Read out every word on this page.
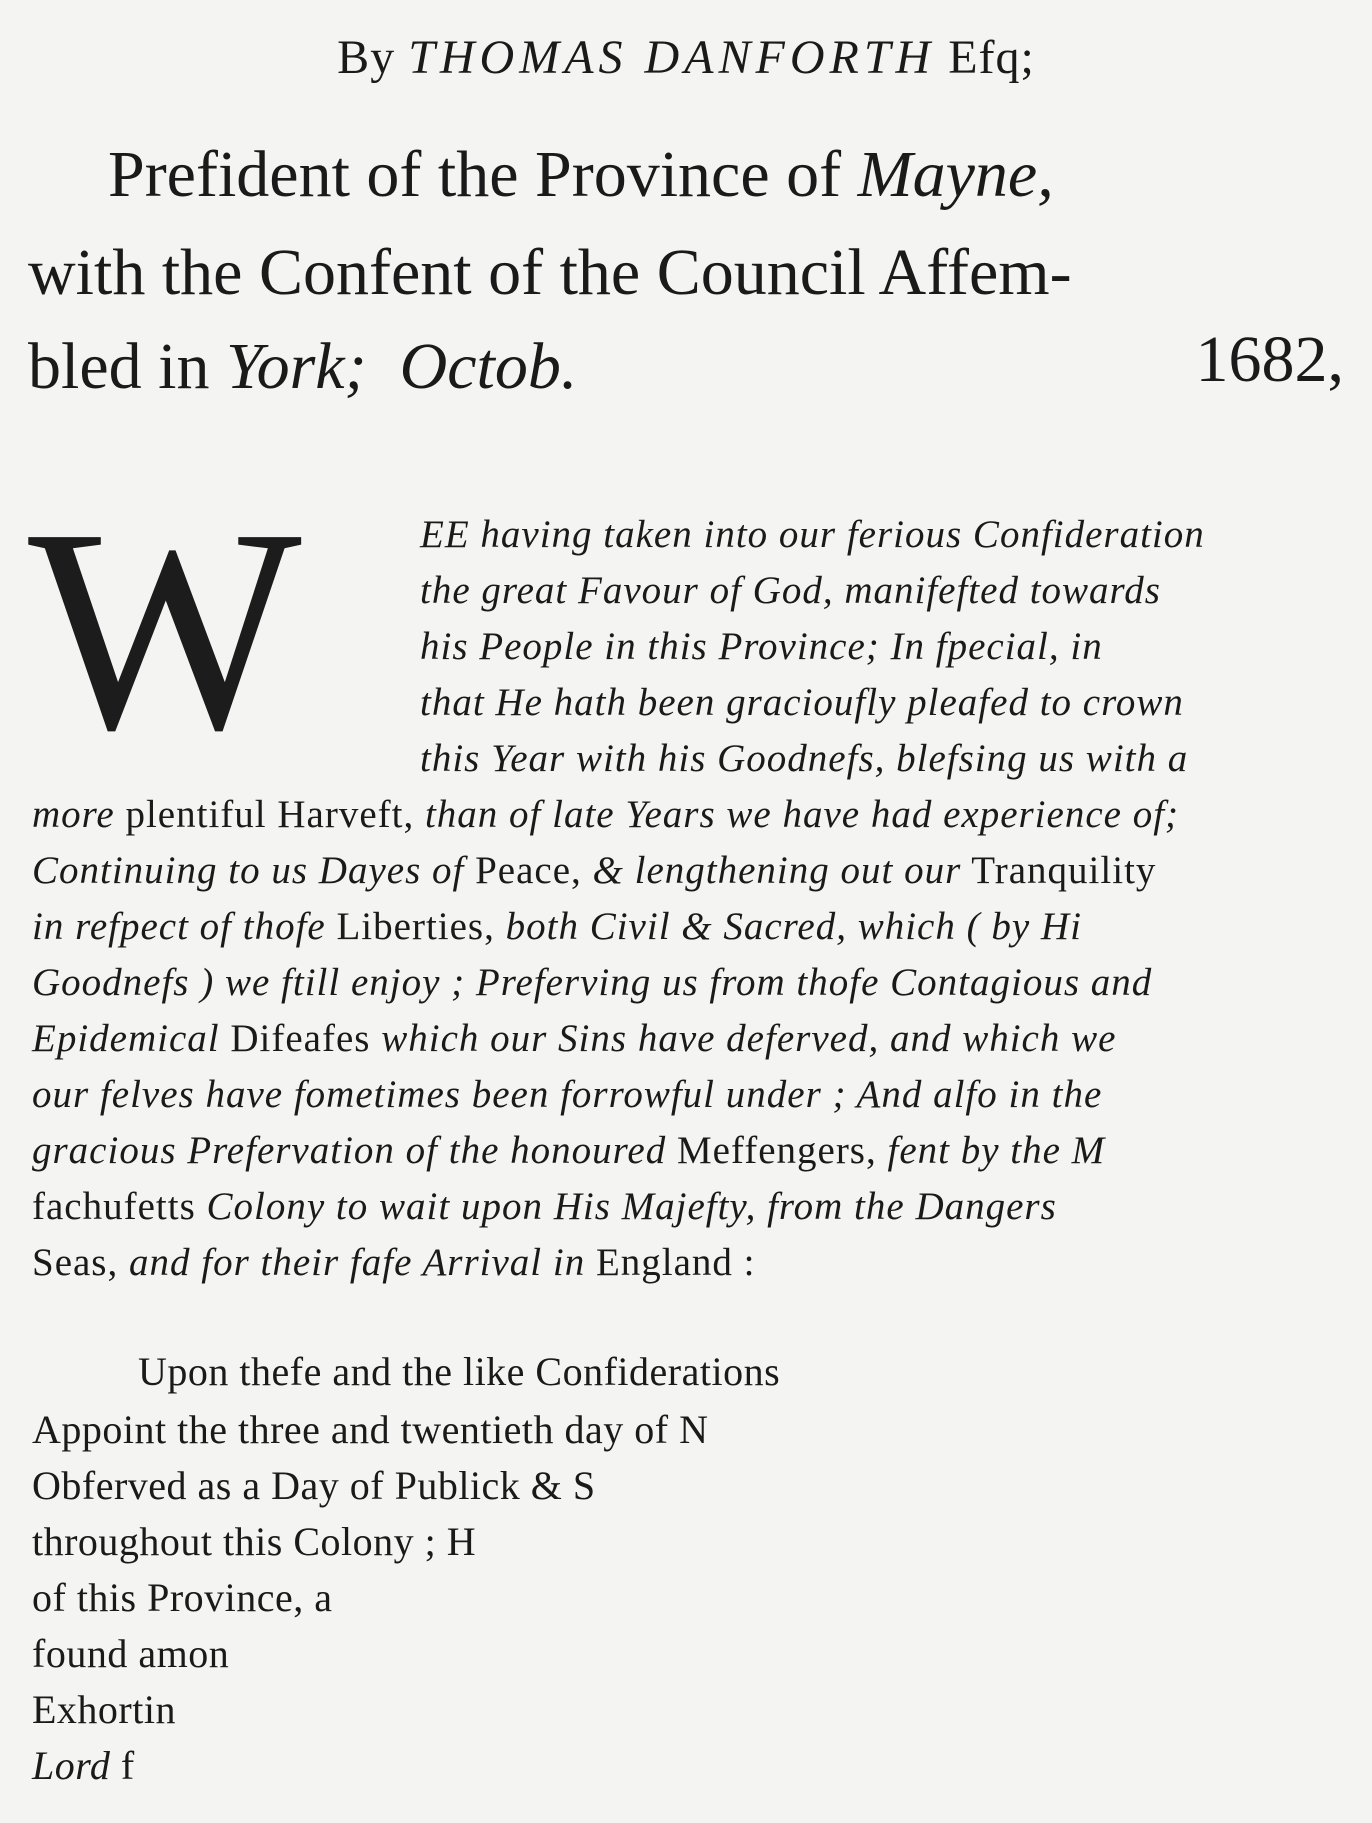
By THOMAS DANFORTH Efq;
Prefident of the Province of Mayne,
with the Confent of the Council Affem-
bled in York; Octob.	1682,
W	EE having taken into our ferious Confideration
the great Favour of God, manifefted towards
his People in this Province; In fpecial, in
that He hath been gracioufly pleafed to crown
this Year with his Goodnefs, blefsing us with a
more plentiful Harveft, than of late Years we have had experience of;
Continuing to us Dayes of Peace, & lengthening out our Tranquility
in refpect of thofe Liberties, both Civil & Sacred, which ( by Hi
Goodnefs ) we ftill enjoy ; Preferving us from thofe Contagious and
Epidemical Difeafes which our Sins have deferved, and which we
our felves have fometimes been forrowful under ; And alfo in the
gracious Prefervation of the honoured Meffengers, fent by the M
fachufetts Colony to wait upon His Majefty, from the Dangers
Seas, and for their fafe Arrival in England :
Upon thefe and the like Confiderations
Appoint the three and twentieth day of N
Obferved as a Day of Publick & S
throughout this Colony ; H
of this Province, a
found amon
Exhortin
Lord f
